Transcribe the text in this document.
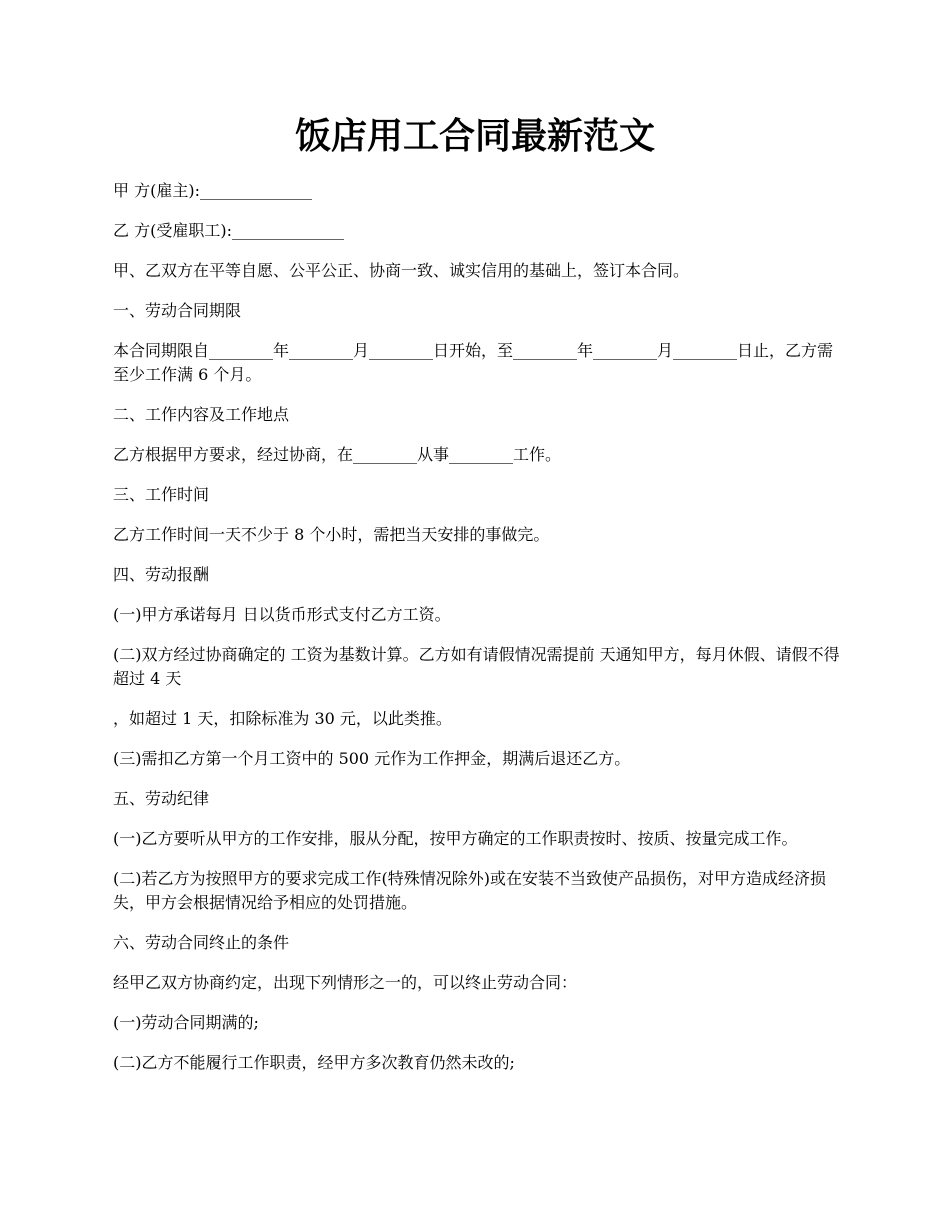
饭店用工合同最新范文

甲 方(雇主):______________

乙 方(受雇职工):______________

甲、乙双方在平等自愿、公平公正、协商一致、诚实信用的基础上，签订本合同。

一、劳动合同期限

本合同期限自________年________月________日开始，至________年________月________日止，乙方需至少工作满 6 个月。

二、工作内容及工作地点

乙方根据甲方要求，经过协商，在________从事________工作。

三、工作时间

乙方工作时间一天不少于 8 个小时，需把当天安排的事做完。

四、劳动报酬

(一)甲方承诺每月 日以货币形式支付乙方工资。

(二)双方经过协商确定的 工资为基数计算。乙方如有请假情况需提前 天通知甲方，每月休假、请假不得超过 4 天

，如超过 1 天，扣除标准为 30 元，以此类推。

(三)需扣乙方第一个月工资中的 500 元作为工作押金，期满后退还乙方。

五、劳动纪律

(一)乙方要听从甲方的工作安排，服从分配，按甲方确定的工作职责按时、按质、按量完成工作。

(二)若乙方为按照甲方的要求完成工作(特殊情况除外)或在安装不当致使产品损伤，对甲方造成经济损失，甲方会根据情况给予相应的处罚措施。

六、劳动合同终止的条件

经甲乙双方协商约定，出现下列情形之一的，可以终止劳动合同：

(一)劳动合同期满的;

(二)乙方不能履行工作职责，经甲方多次教育仍然未改的;
